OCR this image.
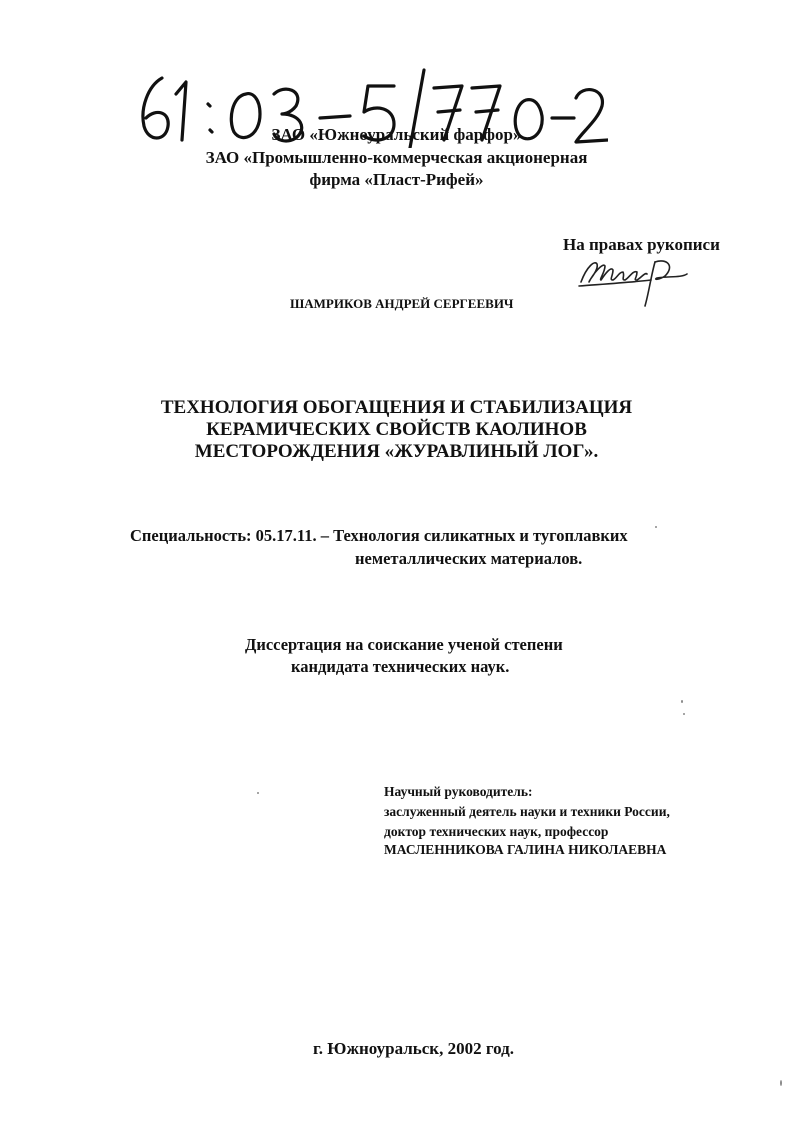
ЗАО «Южноуральский фарфор»
ЗАО «Промышленно-коммерческая акционерная
фирма «Пласт-Рифей»
На правах рукописи
ШАМРИКОВ АНДРЕЙ СЕРГЕЕВИЧ
ТЕХНОЛОГИЯ ОБОГАЩЕНИЯ И СТАБИЛИЗАЦИЯ
КЕРАМИЧЕСКИХ СВОЙСТВ КАОЛИНОВ
МЕСТОРОЖДЕНИЯ «ЖУРАВЛИНЫЙ ЛОГ».
Специальность: 05.17.11. – Технология силикатных и тугоплавких
неметаллических материалов.
Диссертация на соискание ученой степени
кандидата технических наук.
Научный руководитель:
заслуженный деятель науки и техники России,
доктор технических наук, профессор
МАСЛЕННИКОВА ГАЛИНА НИКОЛАЕВНА
г. Южноуральск, 2002 год.
